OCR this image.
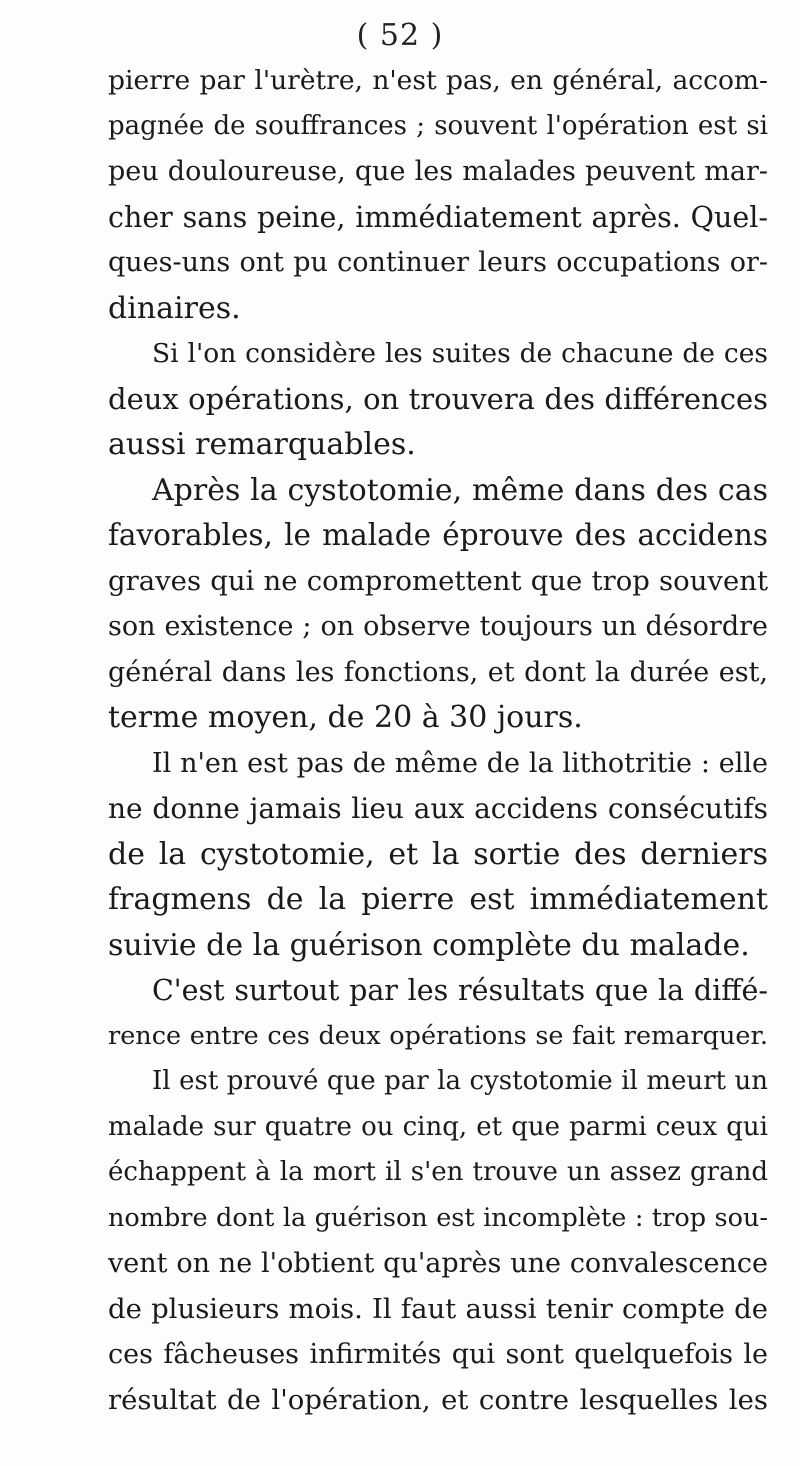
( 52 )
pierre par l'urètre, n'est pas, en général, accom-
pagnée de souffrances ; souvent l'opération est si
peu douloureuse, que les malades peuvent mar-
cher sans peine, immédiatement après. Quel-
ques-uns ont pu continuer leurs occupations or-
dinaires.
Si l'on considère les suites de chacune de ces
deux opérations, on trouvera des différences
aussi remarquables.
Après la cystotomie, même dans des cas
favorables, le malade éprouve des accidens
graves qui ne compromettent que trop souvent
son existence ; on observe toujours un désordre
général dans les fonctions, et dont la durée est,
terme moyen, de 20 à 30 jours.
Il n'en est pas de même de la lithotritie : elle
ne donne jamais lieu aux accidens consécutifs
de la cystotomie, et la sortie des derniers
fragmens de la pierre est immédiatement
suivie de la guérison complète du malade.
C'est surtout par les résultats que la diffé-
rence entre ces deux opérations se fait remarquer.
Il est prouvé que par la cystotomie il meurt un
malade sur quatre ou cinq, et que parmi ceux qui
échappent à la mort il s'en trouve un assez grand
nombre dont la guérison est incomplète : trop sou-
vent on ne l'obtient qu'après une convalescence
de plusieurs mois. Il faut aussi tenir compte de
ces fâcheuses infirmités qui sont quelquefois le
résultat de l'opération, et contre lesquelles les
